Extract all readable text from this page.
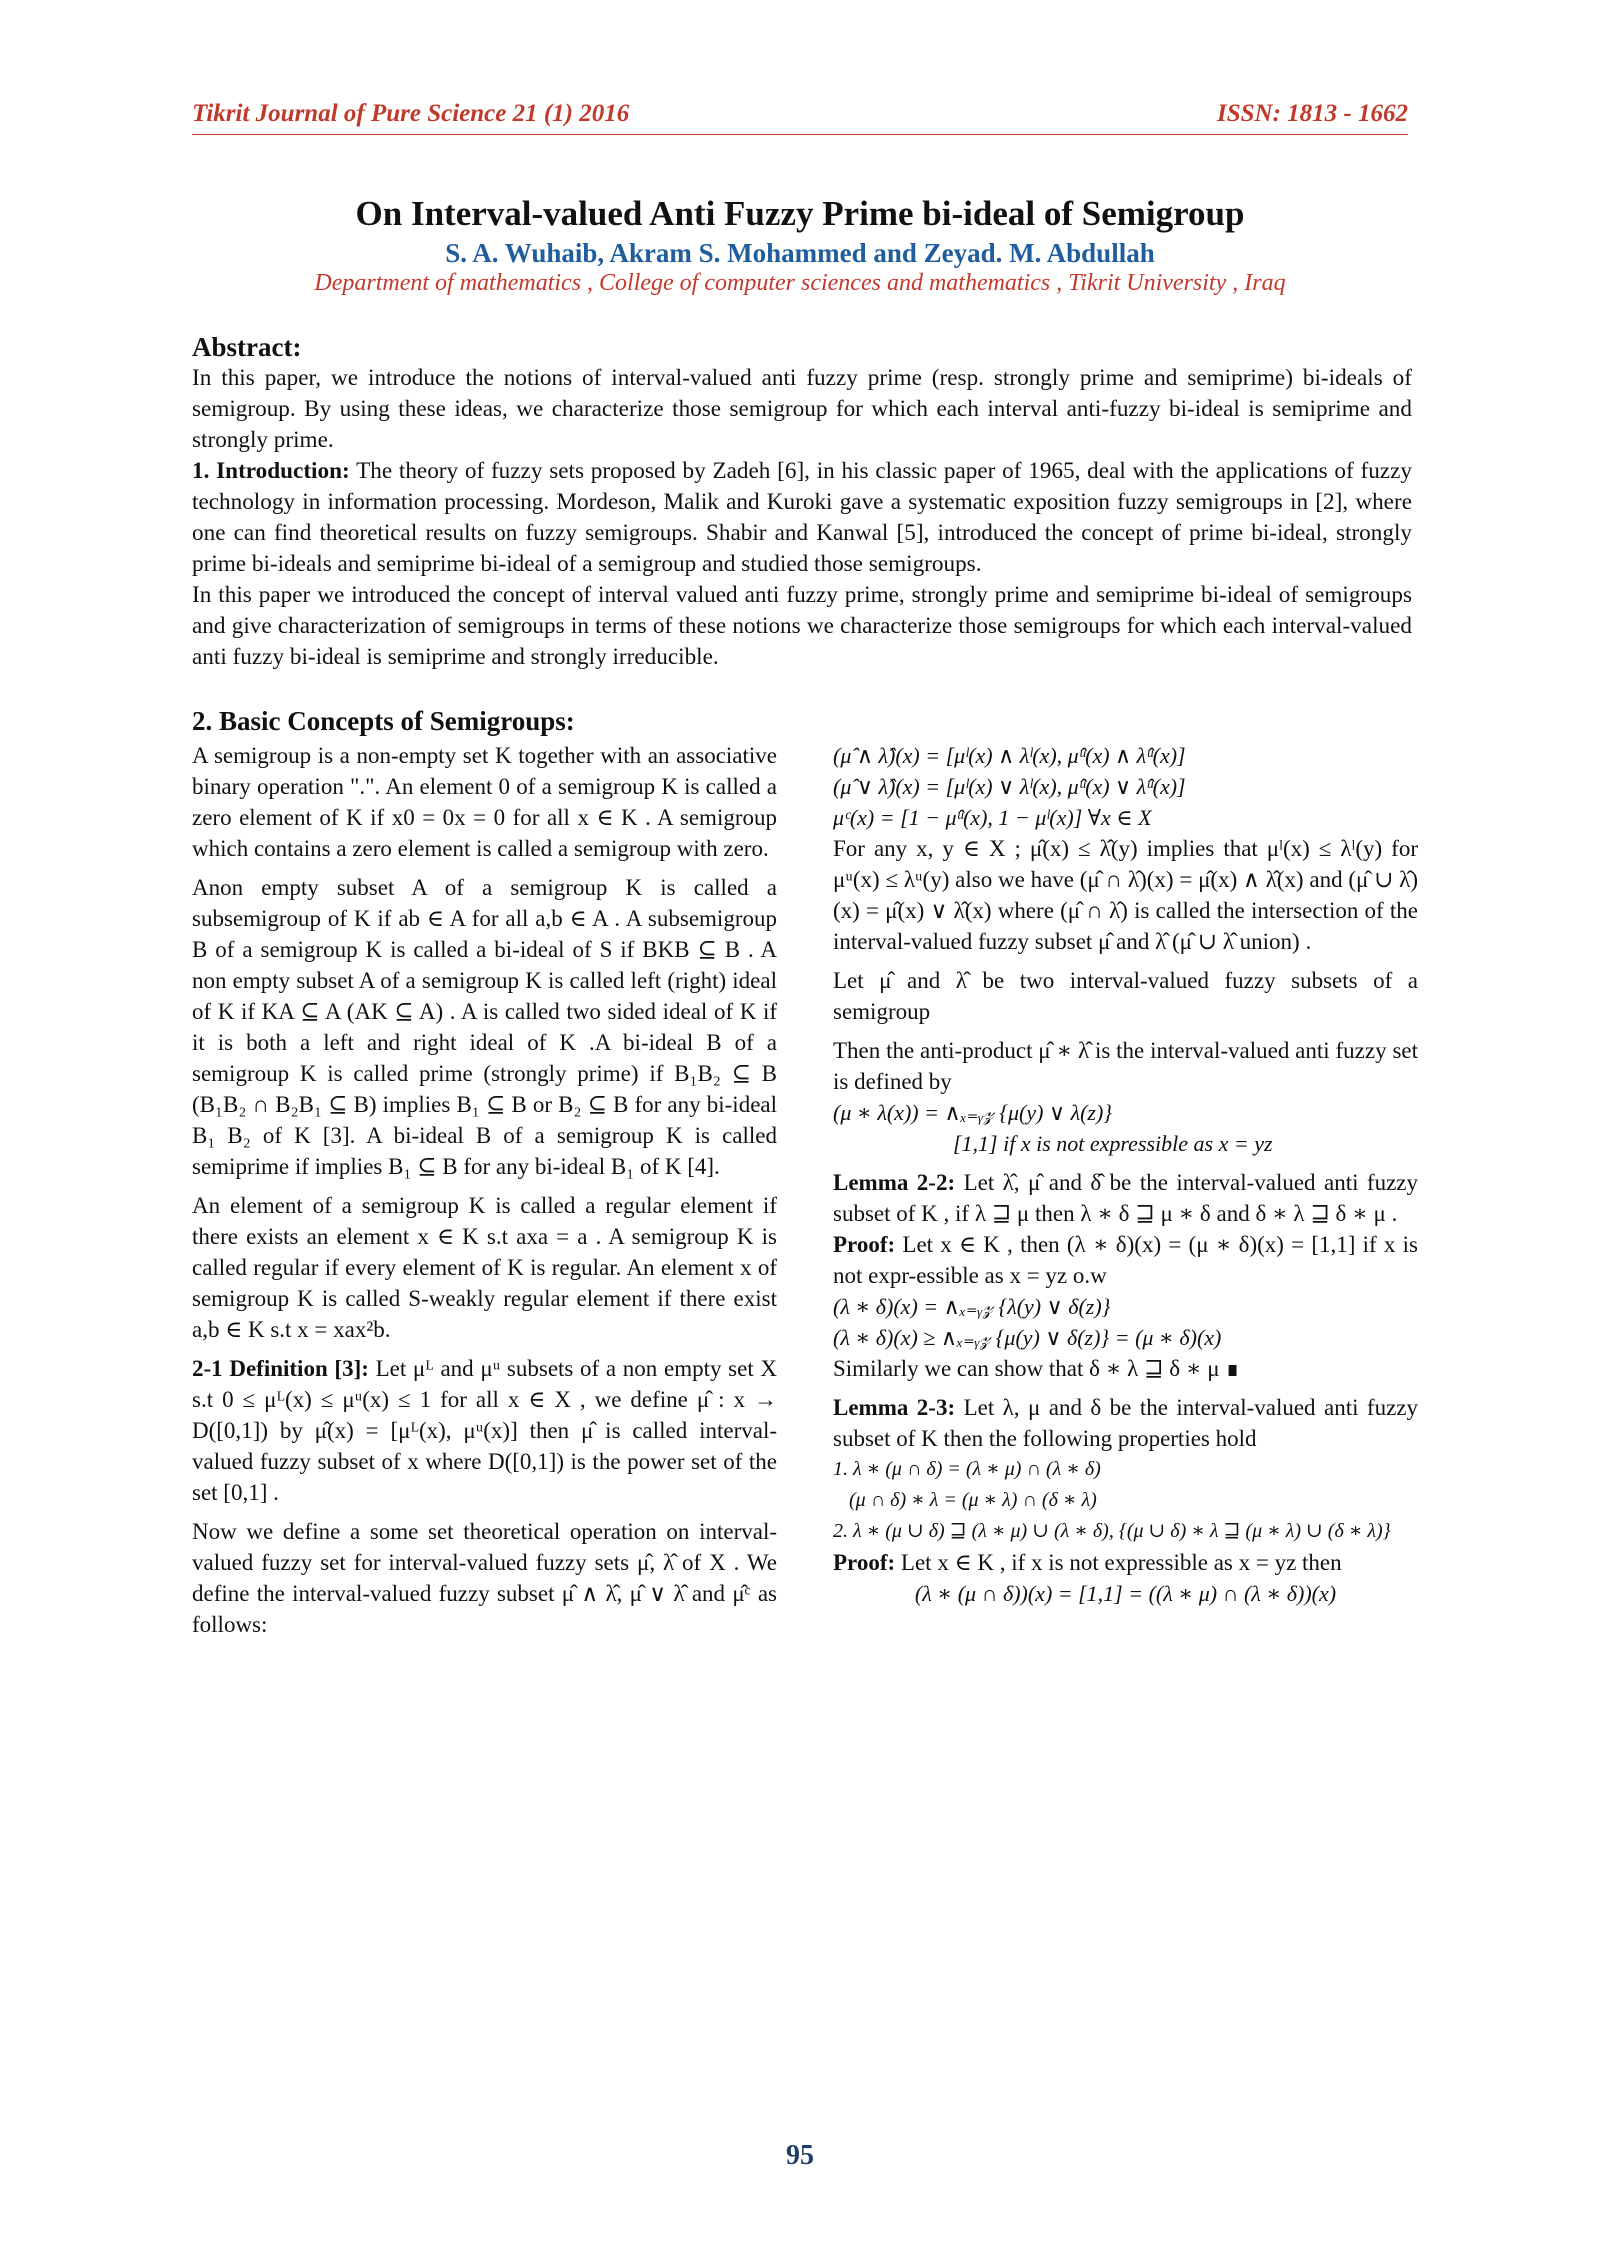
Tikrit Journal of Pure Science 21 (1) 2016	ISSN: 1813 - 1662
On Interval-valued Anti Fuzzy Prime bi-ideal of Semigroup
S. A. Wuhaib, Akram S. Mohammed and Zeyad. M. Abdullah
Department of mathematics , College of computer sciences and mathematics , Tikrit University , Iraq
Abstract:
In this paper, we introduce the notions of interval-valued anti fuzzy prime (resp. strongly prime and semiprime) bi-ideals of semigroup. By using these ideas, we characterize those semigroup for which each interval anti-fuzzy bi-ideal is semiprime and strongly prime.
1. Introduction: The theory of fuzzy sets proposed by Zadeh [6], in his classic paper of 1965, deal with the applications of fuzzy technology in information processing. Mordeson, Malik and Kuroki gave a systematic exposition fuzzy semigroups in [2], where one can find theoretical results on fuzzy semigroups. Shabir and Kanwal [5], introduced the concept of prime bi-ideal, strongly prime bi-ideals and semiprime bi-ideal of a semigroup and studied those semigroups.
In this paper we introduced the concept of interval valued anti fuzzy prime, strongly prime and semiprime bi-ideal of semigroups and give characterization of semigroups in terms of these notions we characterize those semigroups for which each interval-valued anti fuzzy bi-ideal is semiprime and strongly irreducible.
2. Basic Concepts of Semigroups:

A semigroup is a non-empty set K together with an associative binary operation ".". An element 0 of a semigroup K is called a zero element of K if x0 = 0x = 0 for all x ∈ K . A semigroup which contains a zero element is called a semigroup with zero.

Anon empty subset A of a semigroup K is called a subsemigroup of K if ab ∈ A for all a,b ∈ A . A subsemigroup B of a semigroup K is called a bi-ideal of S if BKB ⊆ B . A non empty subset A of a semigroup K is called left (right) ideal of K if KA ⊆ A (AK ⊆ A) . A is called two sided ideal of K if it is both a left and right ideal of K .A bi-ideal B of a semigroup K is called prime (strongly prime) if B₁B₂ ⊆ B (B₁B₂ ∩ B₂B₁ ⊆ B) implies B₁ ⊆ B or B₂ ⊆ B for any bi-ideal B₁ B₂ of K [3]. A bi-ideal B of a semigroup K is called semiprime if implies B₁ ⊆ B for any bi-ideal B₁ of K [4].

An element of a semigroup K is called a regular element if there exists an element x ∈ K s.t axa = a . A semigroup K is called regular if every element of K is regular. An element x of semigroup K is called S-weakly regular element if there exist a,b ∈ K s.t x = xax²b.

2-1 Definition [3]: Let μᴸ and μᵘ subsets of a non empty set X s.t 0 ≤ μᴸ(x) ≤ μᵘ(x) ≤ 1 for all x ∈ X , we define μ̂ : x → D([0,1]) by μ̂(x) = [μᴸ(x), μᵘ(x)] then μ̂ is called interval-valued fuzzy subset of x where D([0,1]) is the power set of the set [0,1] .

Now we define a some set theoretical operation on interval-valued fuzzy set for interval-valued fuzzy sets μ̂, λ̂ of X . We define the interval-valued fuzzy subset μ̂ ∧ λ̂, μ̂ ∨ λ̂ and μ̂ᶜ as follows:

(μ̂ ∧ λ̂)(x) = [μˡ(x) ∧ λˡ(x), μ̂ᵘ(x) ∧ λ̂ᵘ(x)]

(μ̂ ∨ λ̂)(x) = [μˡ(x) ∨ λˡ(x), μ̂ᵘ(x) ∨ λ̂ᵘ(x)]

μᶜ(x) = [1 − μ̂ᵘ(x), 1 − μˡ(x)] ∀x ∈ X

For any x, y ∈ X ; μ̂(x) ≤ λ̂(y) implies that μˡ(x) ≤ λˡ(y) for μᵘ(x) ≤ λᵘ(y) also we have (μ̂ ∩ λ̂)(x) = μ̂(x) ∧ λ̂(x) and (μ̂ ∪ λ̂)(x) = μ̂(x) ∨ λ̂(x) where (μ̂ ∩ λ̂) is called the intersection of the interval-valued fuzzy subset μ̂ and λ̂ (μ̂ ∪ λ̂ union) .

Let μ̂ and λ̂ be two interval-valued fuzzy subsets of a semigroup

Then the anti-product μ̂ ∗ λ̂ is the interval-valued anti fuzzy set is defined by

(μ ∗ λ(x)) = ∧ₓ₌ᵧ𝓏 {μ(y) ∨ λ(z)}

[1,1] if x is not expressible as x = yz

Lemma 2-2: Let λ̂, μ̂ and δ̂ be the interval-valued anti fuzzy subset of K , if λ ⊒ μ then λ ∗ δ ⊒ μ ∗ δ and δ ∗ λ ⊒ δ ∗ μ .

Proof: Let x ∈ K , then (λ ∗ δ)(x) = (μ ∗ δ)(x) = [1,1] if x is not expr-essible as x = yz o.w

(λ ∗ δ)(x) = ∧ₓ₌ᵧ𝓏 {λ(y) ∨ δ(z)}

(λ ∗ δ)(x) ≥ ∧ₓ₌ᵧ𝓏 {μ(y) ∨ δ(z)} = (μ ∗ δ)(x)

Similarly we can show that δ ∗ λ ⊒ δ ∗ μ ∎

Lemma 2-3: Let λ, μ and δ be the interval-valued anti fuzzy subset of K then the following properties hold

1. λ ∗ (μ ∩ δ) = (λ ∗ μ) ∩ (λ ∗ δ)

(μ ∩ δ) ∗ λ = (μ ∗ λ) ∩ (δ ∗ λ)

2. λ ∗ (μ ∪ δ) ⊒ (λ ∗ μ) ∪ (λ ∗ δ), {(μ ∪ δ) ∗ λ ⊒ (μ ∗ λ) ∪ (δ ∗ λ)}

Proof: Let x ∈ K , if x is not expressible as x = yz then

(λ ∗ (μ ∩ δ))(x) = [1,1] = ((λ ∗ μ) ∩ (λ ∗ δ))(x)

95
